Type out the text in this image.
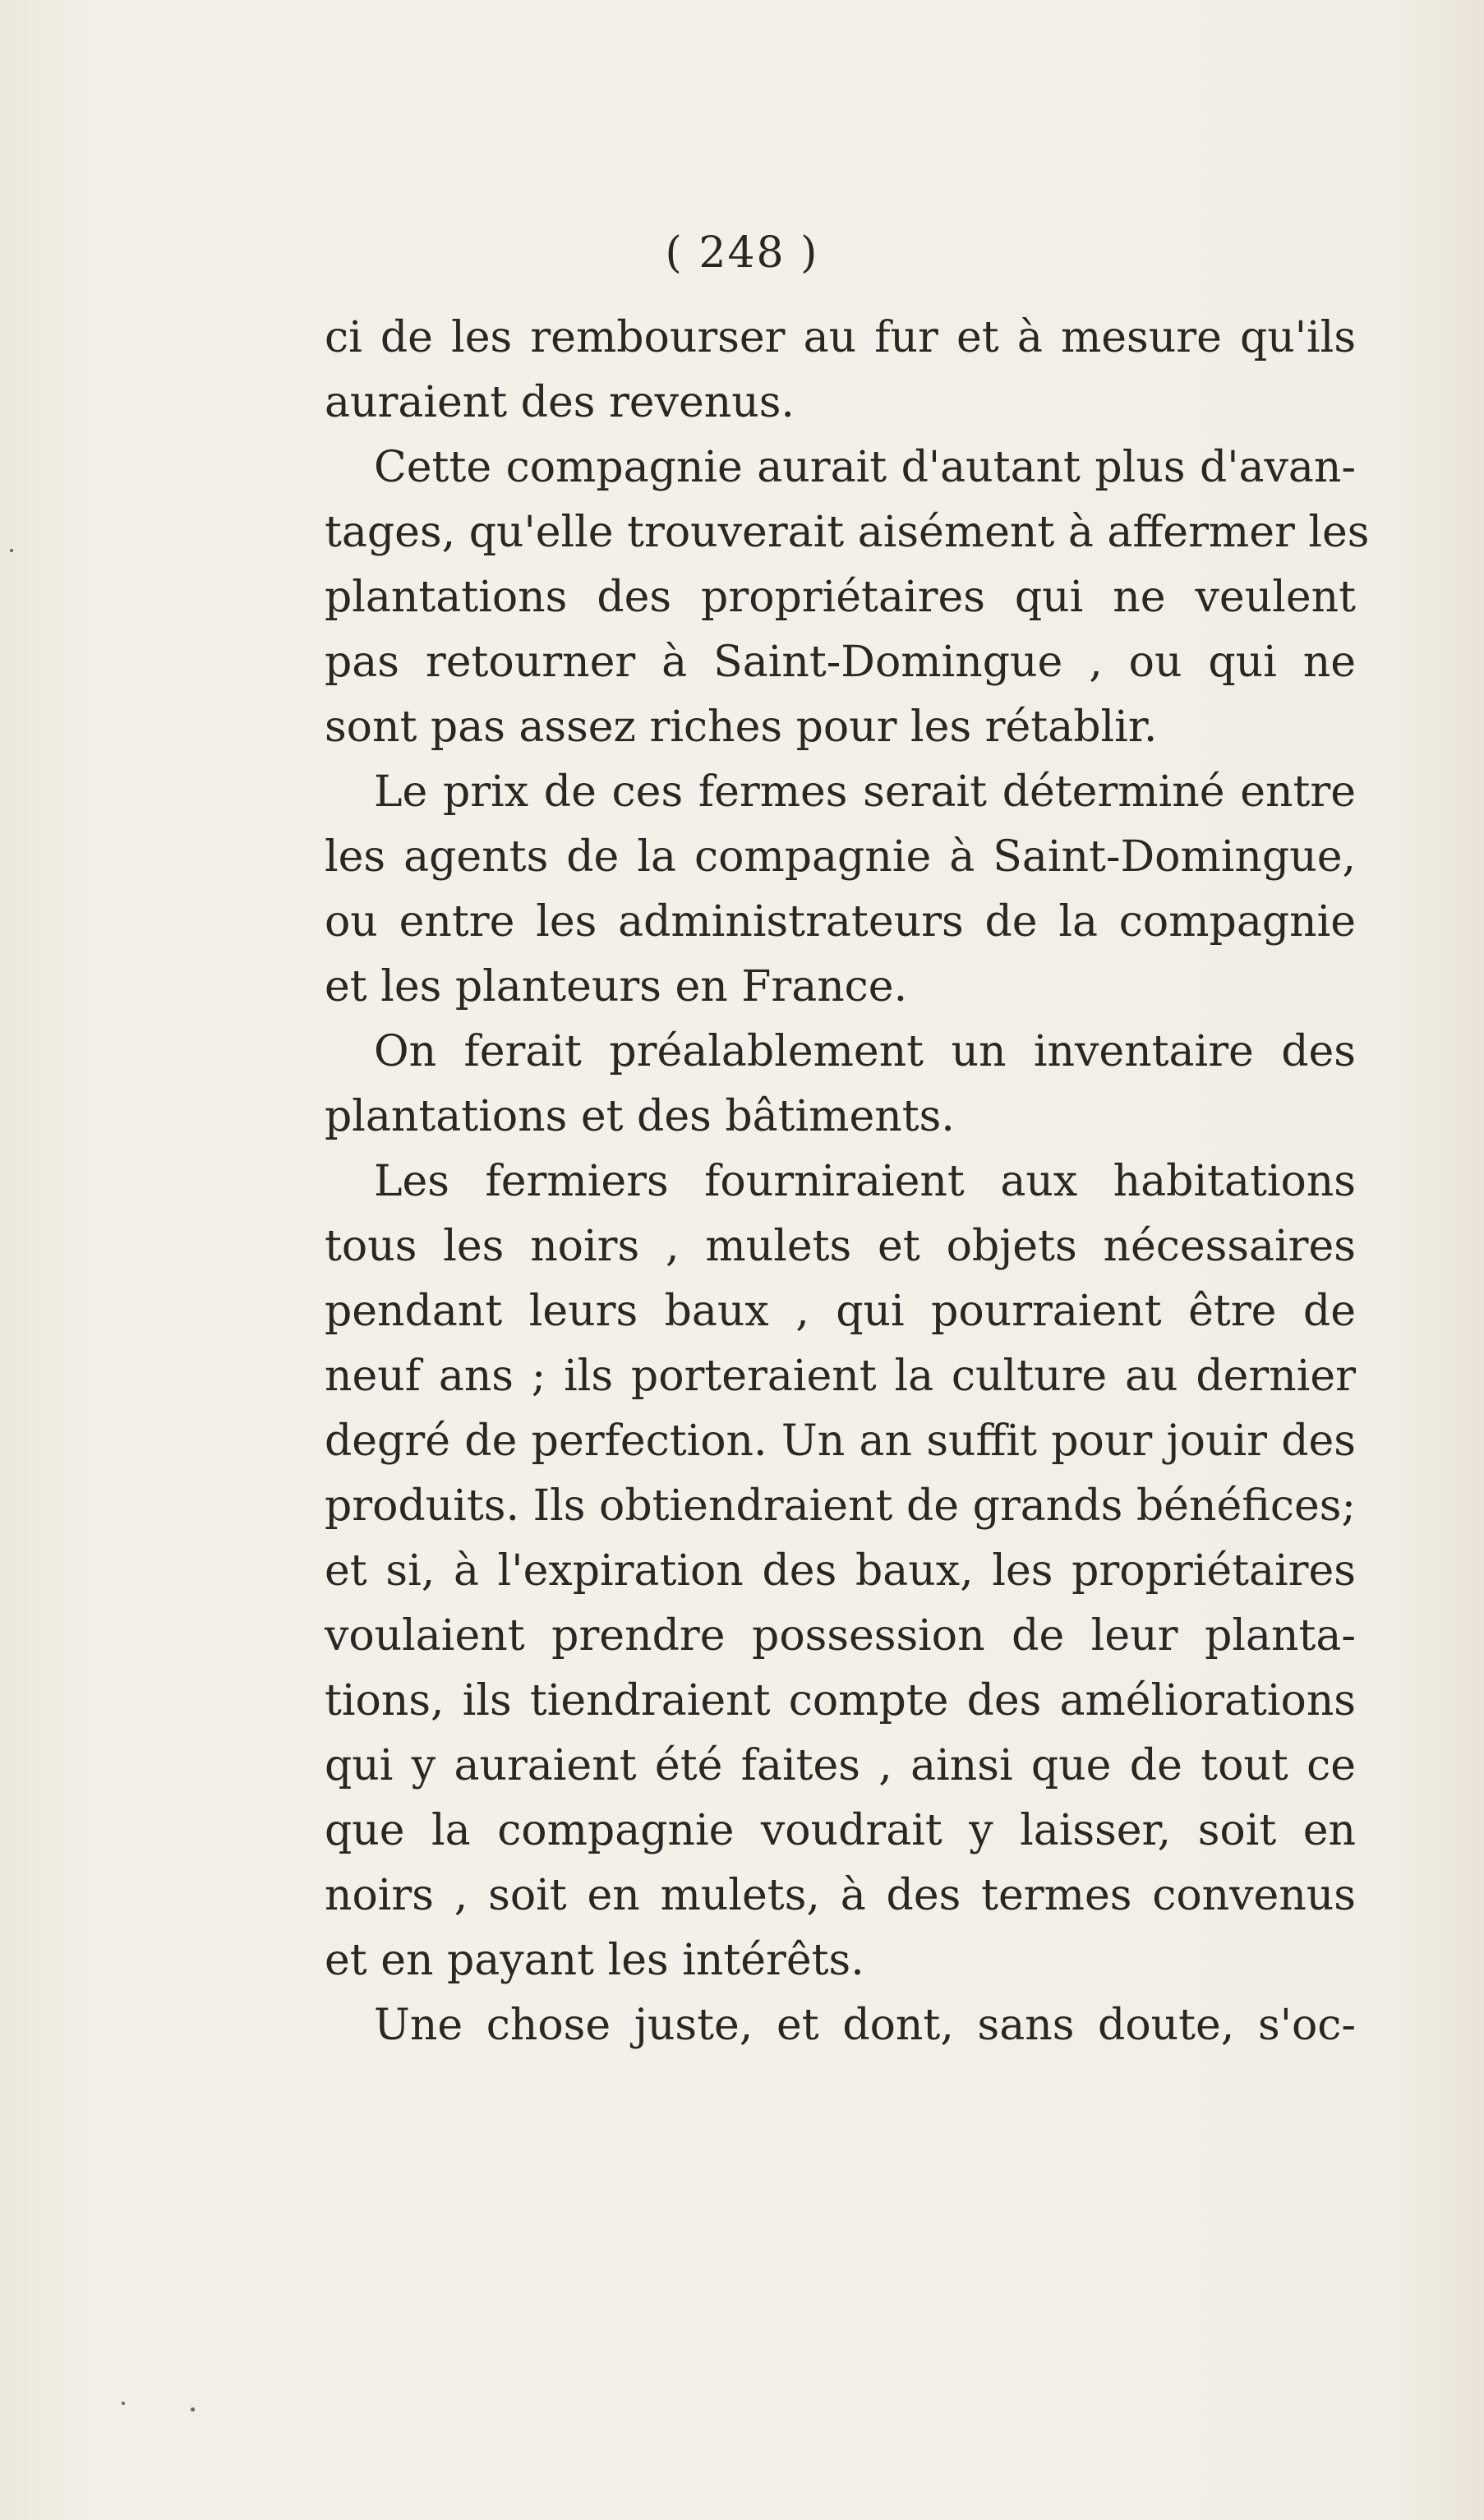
( 248 )
ci de les rembourser au fur et à mesure qu'ils
auraient des revenus.
Cette compagnie aurait d'autant plus d'avan-
tages, qu'elle trouverait aisément à affermer les
plantations des propriétaires qui ne veulent
pas retourner à Saint-Domingue , ou qui ne
sont pas assez riches pour les rétablir.
Le prix de ces fermes serait déterminé entre
les agents de la compagnie à Saint-Domingue,
ou entre les administrateurs de la compagnie
et les planteurs en France.
On ferait préalablement un inventaire des
plantations et des bâtiments.
Les fermiers fourniraient aux habitations
tous les noirs , mulets et objets nécessaires
pendant leurs baux , qui pourraient être de
neuf ans ; ils porteraient la culture au dernier
degré de perfection. Un an suffit pour jouir des
produits. Ils obtiendraient de grands bénéfices;
et si, à l'expiration des baux, les propriétaires
voulaient prendre possession de leur planta-
tions, ils tiendraient compte des améliorations
qui y auraient été faites , ainsi que de tout ce
que la compagnie voudrait y laisser, soit en
noirs , soit en mulets, à des termes convenus
et en payant les intérêts.
Une chose juste, et dont, sans doute, s'oc-
